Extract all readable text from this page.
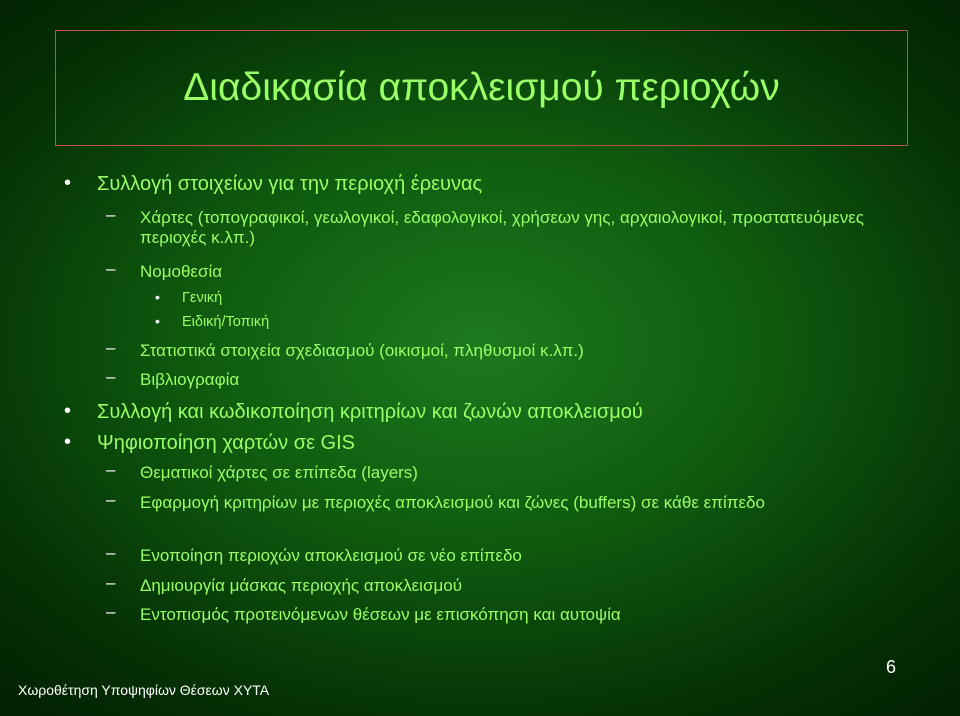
Διαδικασία αποκλεισμού περιοχών
• Συλλογή στοιχείων για την περιοχή έρευνας
– Χάρτες (τοπογραφικοί, γεωλογικοί, εδαφολογικοί, χρήσεων γης, αρχαιολογικοί, προστατευόμενες περιοχές κ.λπ.)
– Νομοθεσία
• Γενική
• Ειδική/Τοπική
– Στατιστικά στοιχεία σχεδιασμού (οικισμοί, πληθυσμοί κ.λπ.)
– Βιβλιογραφία
• Συλλογή και κωδικοποίηση κριτηρίων και ζωνών αποκλεισμού
• Ψηφιοποίηση χαρτών σε GIS
– Θεματικοί χάρτες σε επίπεδα (layers)
– Εφαρμογή κριτηρίων με περιοχές αποκλεισμού και ζώνες (buffers) σε κάθε επίπεδο
– Ενοποίηση περιοχών αποκλεισμού σε νέο επίπεδο
– Δημιουργία μάσκας περιοχής αποκλεισμού
– Εντοπισμός προτεινόμενων θέσεων με επισκόπηση και αυτοψία
Χωροθέτηση Υποψηφίων Θέσεων ΧΥΤΑ
6
